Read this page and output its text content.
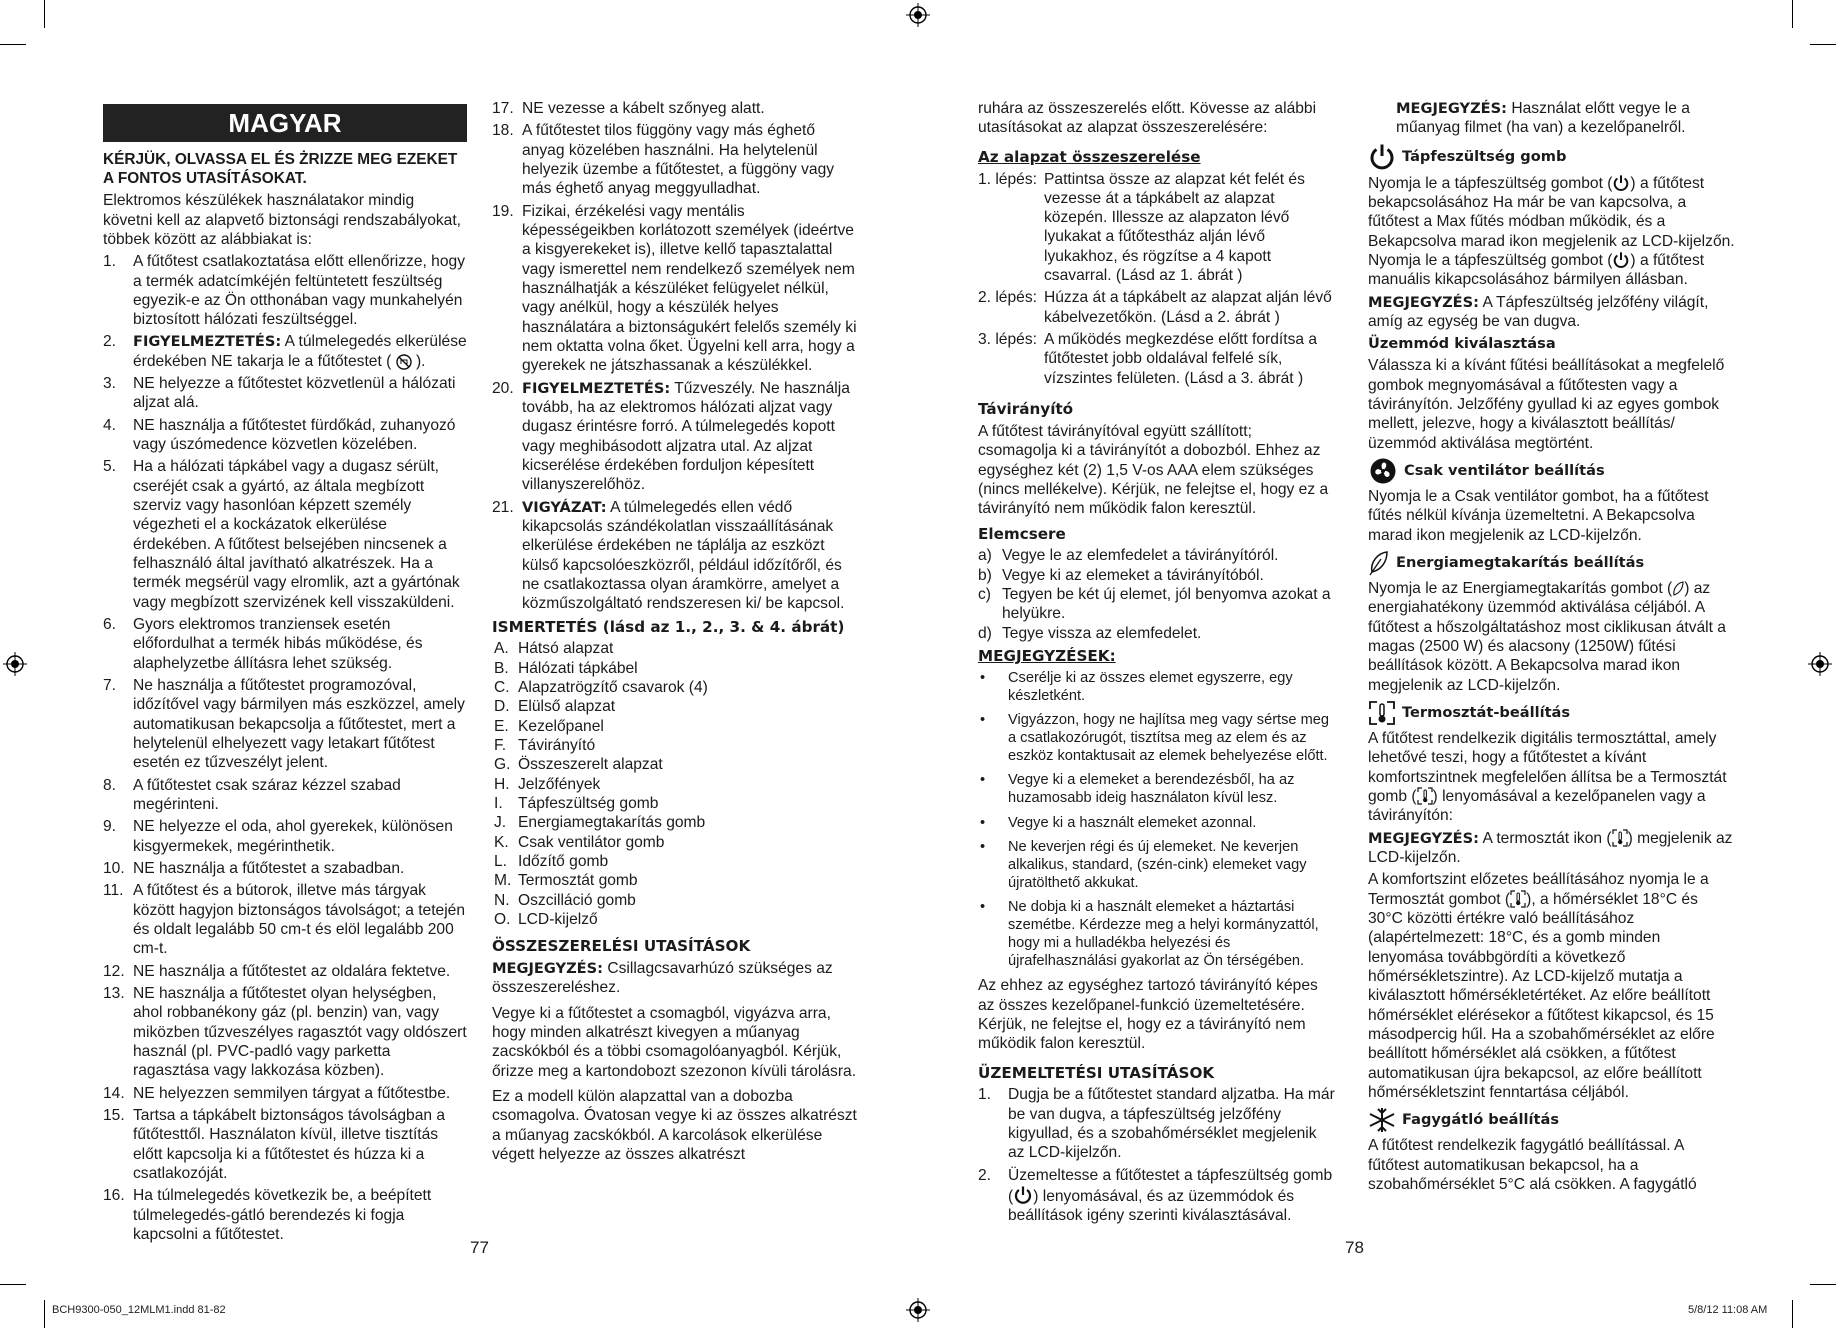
MAGYAR

KÉRJÜK, OLVASSA EL ÉS ŻRIZZE MEG EZEKET A FONTOS UTASÍTÁSOKAT.

Elektromos készülékek használatakor mindig követni kell az alapvető biztonsági rendszabályokat, többek között az alábbiakat is:

1. A fűtőtest csatlakoztatása előtt ellenőrizze, hogy a termék adatcímkéjén feltüntetett feszültség egyezik-e az Ön otthonában vagy munkahelyén biztosított hálózati feszültséggel.
2. FIGYELMEZTETÉS: A túlmelegedés elkerülése érdekében NE takarja le a fűtőtestet (  ).
3. NE helyezze a fűtőtestet közvetlenül a hálózati aljzat alá.
4. NE használja a fűtőtestet fürdőkád, zuhanyozó vagy úszómedence közvetlen közelében.
5. Ha a hálózati tápkábel vagy a dugasz sérült, cseréjét csak a gyártó, az általa megbízott szerviz vagy hasonlóan képzett személy végezheti el a kockázatok elkerülése érdekében. A fűtőtest belsejében nincsenek a felhasználó által javítható alkatrészek. Ha a termék megsérül vagy elromlik, azt a gyártónak vagy megbízott szervizének kell visszaküldeni.
6. Gyors elektromos tranziensek esetén előfordulhat a termék hibás működése, és alaphelyzetbe állításra lehet szükség.
7. Ne használja a fűtőtestet programozóval, időzítővel vagy bármilyen más eszközzel, amely automatikusan bekapcsolja a fűtőtestet, mert a helytelenül elhelyezett vagy letakart fűtőtest esetén ez tűzveszélyt jelent.
8. A fűtőtestet csak száraz kézzel szabad megérinteni.
9. NE helyezze el oda, ahol gyerekek, különösen kisgyermekek, megérinthetik.
10. NE használja a fűtőtestet a szabadban.
11. A fűtőtest és a bútorok, illetve más tárgyak között hagyjon biztonságos távolságot; a tetején és oldalt legalább 50 cm-t és elöl legalább 200 cm-t.
12. NE használja a fűtőtestet az oldalára fektetve.
13. NE használja a fűtőtestet olyan helységben, ahol robbanékony gáz (pl. benzin) van, vagy miközben tűzveszélyes ragasztót vagy oldószert használ (pl. PVC-padló vagy parketta ragasztása vagy lakkozása közben).
14. NE helyezzen semmilyen tárgyat a fűtőtestbe.
15. Tartsa a tápkábelt biztonságos távolságban a fűtőtesttől. Használaton kívül, illetve tisztítás előtt kapcsolja ki a fűtőtestet és húzza ki a csatlakozóját.
16. Ha túlmelegedés következik be, a beépített túlmelegedés-gátló berendezés ki fogja kapcsolni a fűtőtestet.
17. NE vezesse a kábelt szőnyeg alatt.
18. A fűtőtestet tilos függöny vagy más éghető anyag közelében használni. Ha helytelenül helyezik üzembe a fűtőtestet, a függöny vagy más éghető anyag meggyulladhat.
19. Fizikai, érzékelési vagy mentális képességeikben korlátozott személyek (ideértve a kisgyerekeket is), illetve kellő tapasztalattal vagy ismerettel nem rendelkező személyek nem használhatják a készüléket felügyelet nélkül, vagy anélkül, hogy a készülék helyes használatára a biztonságukért felelős személy ki nem oktatta volna őket. Ügyelni kell arra, hogy a gyerekek ne játszhassanak a készülékkel.
20. FIGYELMEZTETÉS: Tűzveszély. Ne használja tovább, ha az elektromos hálózati aljzat vagy dugasz érintésre forró. A túlmelegedés kopott vagy meghibásodott aljzatra utal. Az aljzat kicserélése érdekében forduljon képesített villanyszerelőhöz.
21. VIGYÁZAT: A túlmelegedés ellen védő kikapcsolás szándékolatlan visszaállításának elkerülése érdekében ne táplálja az eszközt külső kapcsolóeszközről, például időzítőről, és ne csatlakoztassa olyan áramkörre, amelyet a közműszolgáltató rendszeresen ki/ be kapcsol.
ISMERTETÉS (lásd az 1., 2., 3. & 4. ábrát)
A. Hátsó alapzat
B. Hálózati tápkábel
C. Alapzatrögzítő csavarok (4)
D. Elülső alapzat
E. Kezelőpanel
F. Távirányító
G. Összeszerelt alapzat
H. Jelzőfények
I. Tápfeszültség gomb
J. Energiamegtakarítás gomb
K. Csak ventilátor gomb
L. Időzítő gomb
M. Termosztát gomb
N. Oszcilláció gomb
O. LCD-kijelző
ÖSSZESZERELÉSI UTASÍTÁSOK

MEGJEGYZÉS: Csillagcsavarhúzó szükséges az összeszereléshez.

Vegye ki a fűtőtestet a csomagból, vigyázva arra, hogy minden alkatrészt kivegyen a műanyag zacskókból és a többi csomagolóanyagból. Kérjük, őrizze meg a kartondobozt szezonon kívüli tárolásra.

Ez a modell külön alapzattal van a dobozba csomagolva. Óvatosan vegye ki az összes alkatrészt a műanyag zacskókból. A karcolások elkerülése végett helyezze az összes alkatrészt

77

ruhára az összeszerelés előtt. Kövesse az alábbi utasításokat az alapzat összeszerelésére:

Az alapzat összeszerelése
1. lépés: Pattintsa össze az alapzat két felét és vezesse át a tápkábelt az alapzat közepén. Illessze az alapzaton lévő lyukakat a fűtőtestház alján lévő lyukakhoz, és rögzítse a 4 kapott csavarral. (Lásd az 1. ábrát )
2. lépés: Húzza át a tápkábelt az alapzat alján lévő kábelvezetőkön. (Lásd a 2. ábrát )
3. lépés: A működés megkezdése előtt fordítsa a fűtőtestet jobb oldalával felfelé sík, vízszintes felületen. (Lásd a 3. ábrát )
Távirányító

A fűtőtest távirányítóval együtt szállított; csomagolja ki a távirányítót a dobozból. Ehhez az egységhez két (2) 1,5 V-os AAA elem szükséges (nincs mellékelve). Kérjük, ne felejtse el, hogy ez a távirányító nem működik falon keresztül.

Elemcsere
a) Vegye le az elemfedelet a távirányítóról.
b) Vegye ki az elemeket a távirányítóból.
c) Tegyen be két új elemet, jól benyomva azokat a helyükre.
d) Tegye vissza az elemfedelet.
MEGJEGYZÉSEK:
• Cserélje ki az összes elemet egyszerre, egy készletként.
• Vigyázzon, hogy ne hajlítsa meg vagy sértse meg a csatlakozórugót, tisztítsa meg az elem és az eszköz kontaktusait az elemek behelyezése előtt.
• Vegye ki a elemeket a berendezésből, ha az huzamosabb ideig használaton kívül lesz.
• Vegye ki a használt elemeket azonnal.
• Ne keverjen régi és új elemeket. Ne keverjen alkalikus, standard, (szén-cink) elemeket vagy újratölthető akkukat.
• Ne dobja ki a használt elemeket a háztartási szemétbe. Kérdezze meg a helyi kormányzattól, hogy mi a hulladékba helyezési és újrafelhasználási gyakorlat az Ön térségében.

Az ehhez az egységhez tartozó távirányító képes az összes kezelőpanel-funkció üzemeltetésére. Kérjük, ne felejtse el, hogy ez a távirányító nem működik falon keresztül.

ÜZEMELTETÉSI UTASÍTÁSOK
1. Dugja be a fűtőtestet standard aljzatba. Ha már be van dugva, a tápfeszültség jelzőfény kigyullad, és a szobahőmérséklet megjelenik az LCD-kijelzőn.
2. Üzemeltesse a fűtőtestet a tápfeszültség gomb ( ) lenyomásával, és az üzemmódok és beállítások igény szerinti kiválasztásával.

MEGJEGYZÉS: Használat előtt vegye le a műanyag filmet (ha van) a kezelőpanelről.

Tápfeszültség gomb

Nyomja le a tápfeszültség gombot ( ) a fűtőtest bekapcsolásához Ha már be van kapcsolva, a fűtőtest a Max fűtés módban működik, és a Bekapcsolva marad ikon megjelenik az LCD-kijelzőn. Nyomja le a tápfeszültség gombot ( ) a fűtőtest manuális kikapcsolásához bármilyen állásban.

MEGJEGYZÉS: A Tápfeszültség jelzőfény világít, amíg az egység be van dugva.

Üzemmód kiválasztása

Válassza ki a kívánt fűtési beállításokat a megfelelő gombok megnyomásával a fűtőtesten vagy a távirányítón. Jelzőfény gyullad ki az egyes gombok mellett, jelezve, hogy a kiválasztott beállítás/üzemmód aktiválása megtörtént.

Csak ventilátor beállítás

Nyomja le a Csak ventilátor gombot, ha a fűtőtest fűtés nélkül kívánja üzemeltetni. A Bekapcsolva marad ikon megjelenik az LCD-kijelzőn.

Energiamegtakarítás beállítás

Nyomja le az Energiamegtakarítás gombot ( ) az energiahatékony üzemmód aktiválása céljából. A fűtőtest a hőszolgáltatáshoz most ciklikusan átvált a magas (2500 W) és alacsony (1250W) fűtési beállítások között. A Bekapcsolva marad ikon megjelenik az LCD-kijelzőn.

Termosztát-beállítás

A fűtőtest rendelkezik digitális termosztáttal, amely lehetővé teszi, hogy a fűtőtestet a kívánt komfortszintnek megfelelően állítsa be a Termosztát gomb ( ) lenyomásával a kezelőpanelen vagy a távirányítón:

MEGJEGYZÉS: A termosztát ikon ( ) megjelenik az LCD-kijelzőn.

A komfortszint előzetes beállításához nyomja le a Termosztát gombot ( ), a hőmérséklet 18°C és 30°C közötti értékre való beállításához (alapértelmezett: 18°C, és a gomb minden lenyomása továbbgördíti a következő hőmérsékletszintre). Az LCD-kijelző mutatja a kiválasztott hőmérsékletértéket. Az előre beállított hőmérséklet elérésekor a fűtőtest kikapcsol, és 15 másodpercig hűl. Ha a szobahőmérséklet az előre beállított hőmérséklet alá csökken, a fűtőtest automatikusan újra bekapcsol, az előre beállított hőmérsékletszint fenntartása céljából.

Fagygátló beállítás

A fűtőtest rendelkezik fagygátló beállítással. A fűtőtest automatikusan bekapcsol, ha a szobahőmérséklet 5°C alá csökken. A fagygátló

78
BCH9300-050_12MLM1.indd 81-82	5/8/12 11:08 AM
